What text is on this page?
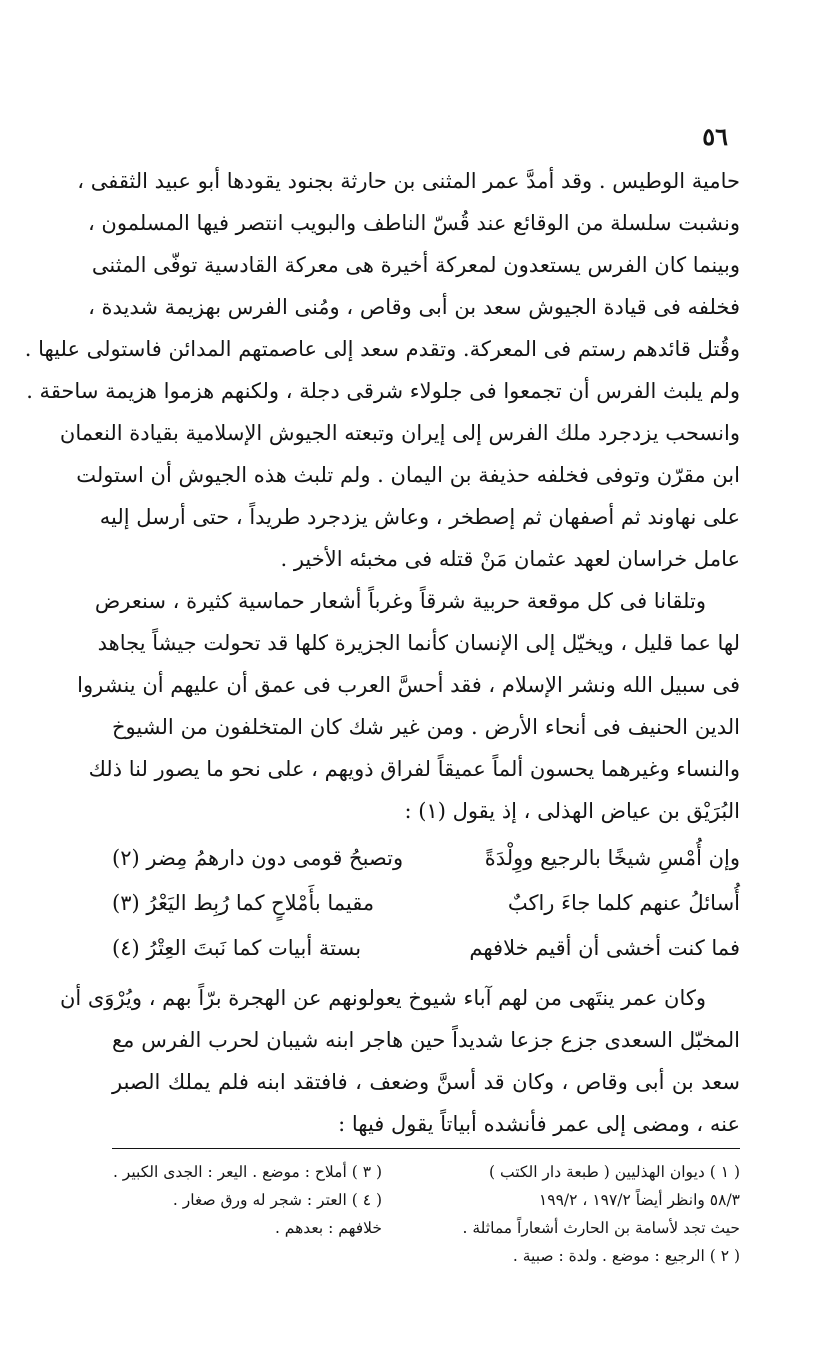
٥٦
حامية الوطيس . وقد أمدَّ عمر المثنى بن حارثة بجنود يقودها أبو عبيد الثقفى ،
ونشبت سلسلة من الوقائع عند قُسّ الناطف والبويب انتصر فيها المسلمون ،
وبينما كان الفرس يستعدون لمعركة أخيرة هى معركة القادسية توفّى المثنى
فخلفه فى قيادة الجيوش سعد بن أبى وقاص ، ومُنى الفرس بهزيمة شديدة ،
وقُتل قائدهم رستم فى المعركة. وتقدم سعد إلى عاصمتهم المدائن فاستولى عليها .
ولم يلبث الفرس أن تجمعوا فى جلولاء شرقى دجلة ، ولكنهم هزموا هزيمة ساحقة .
وانسحب يزدجرد ملك الفرس إلى إيران وتبعته الجيوش الإسلامية بقيادة النعمان
ابن مقرّن وتوفى فخلفه حذيفة بن اليمان . ولم تلبث هذه الجيوش أن استولت
على نهاوند ثم أصفهان ثم إصطخر ، وعاش يزدجرد طريداً ، حتى أرسل إليه
عامل خراسان لعهد عثمان مَنْ قتله فى مخبئه الأخير .
وتلقانا فى كل موقعة حربية شرقاً وغرباً أشعار حماسية كثيرة ، سنعرض
لها عما قليل ، ويخيّل إلى الإنسان كأنما الجزيرة كلها قد تحولت جيشاً يجاهد
فى سبيل الله ونشر الإسلام ، فقد أحسَّ العرب فى عمق أن عليهم أن ينشروا
الدين الحنيف فى أنحاء الأرض . ومن غير شك كان المتخلفون من الشيوخ
والنساء وغيرهما يحسون ألماً عميقاً لفراق ذويهم ، على نحو ما يصور لنا ذلك
البُرَيْق بن عياض الهذلى ، إذ يقول (١) :
وإن أُمْسِ شيخًا بالرجيع ووِلْدَةً
وتصبحُ قومى دون دارهمُ مِضر (٢)
أُسائلُ عنهم كلما جاءَ راكبٌ
مقيما بأَمْلاحٍ كما رُبِط اليَعْرُ (٣)
فما كنت أخشى أن أقيم خلافهم
بستة أبيات كما نَبتَ العِتْرُ (٤)
وكان عمر ينتَهى من لهم آباء شيوخ يعولونهم عن الهجرة برّاً بهم ، ويُرْوَى أن
المخبّل السعدى جزع جزعا شديداً حين هاجر ابنه شيبان لحرب الفرس مع
سعد بن أبى وقاص ، وكان قد أسنَّ وضعف ، فافتقد ابنه فلم يملك الصبر
عنه ، ومضى إلى عمر فأنشده أبياتاً يقول فيها :
( ١ ) ديوان الهذليين ( طبعة دار الكتب )
٥٨/٣ وانظر أيضاً ١٩٧/٢ ، ١٩٩/٢
حيث تجد لأسامة بن الحارث أشعاراً مماثلة .
( ٢ ) الرجيع : موضع . ولدة : صبية .
( ٣ ) أملاح : موضع . اليعر : الجدى الكبير .
( ٤ ) العتر : شجر له ورق صغار .
خلافهم : بعدهم .
